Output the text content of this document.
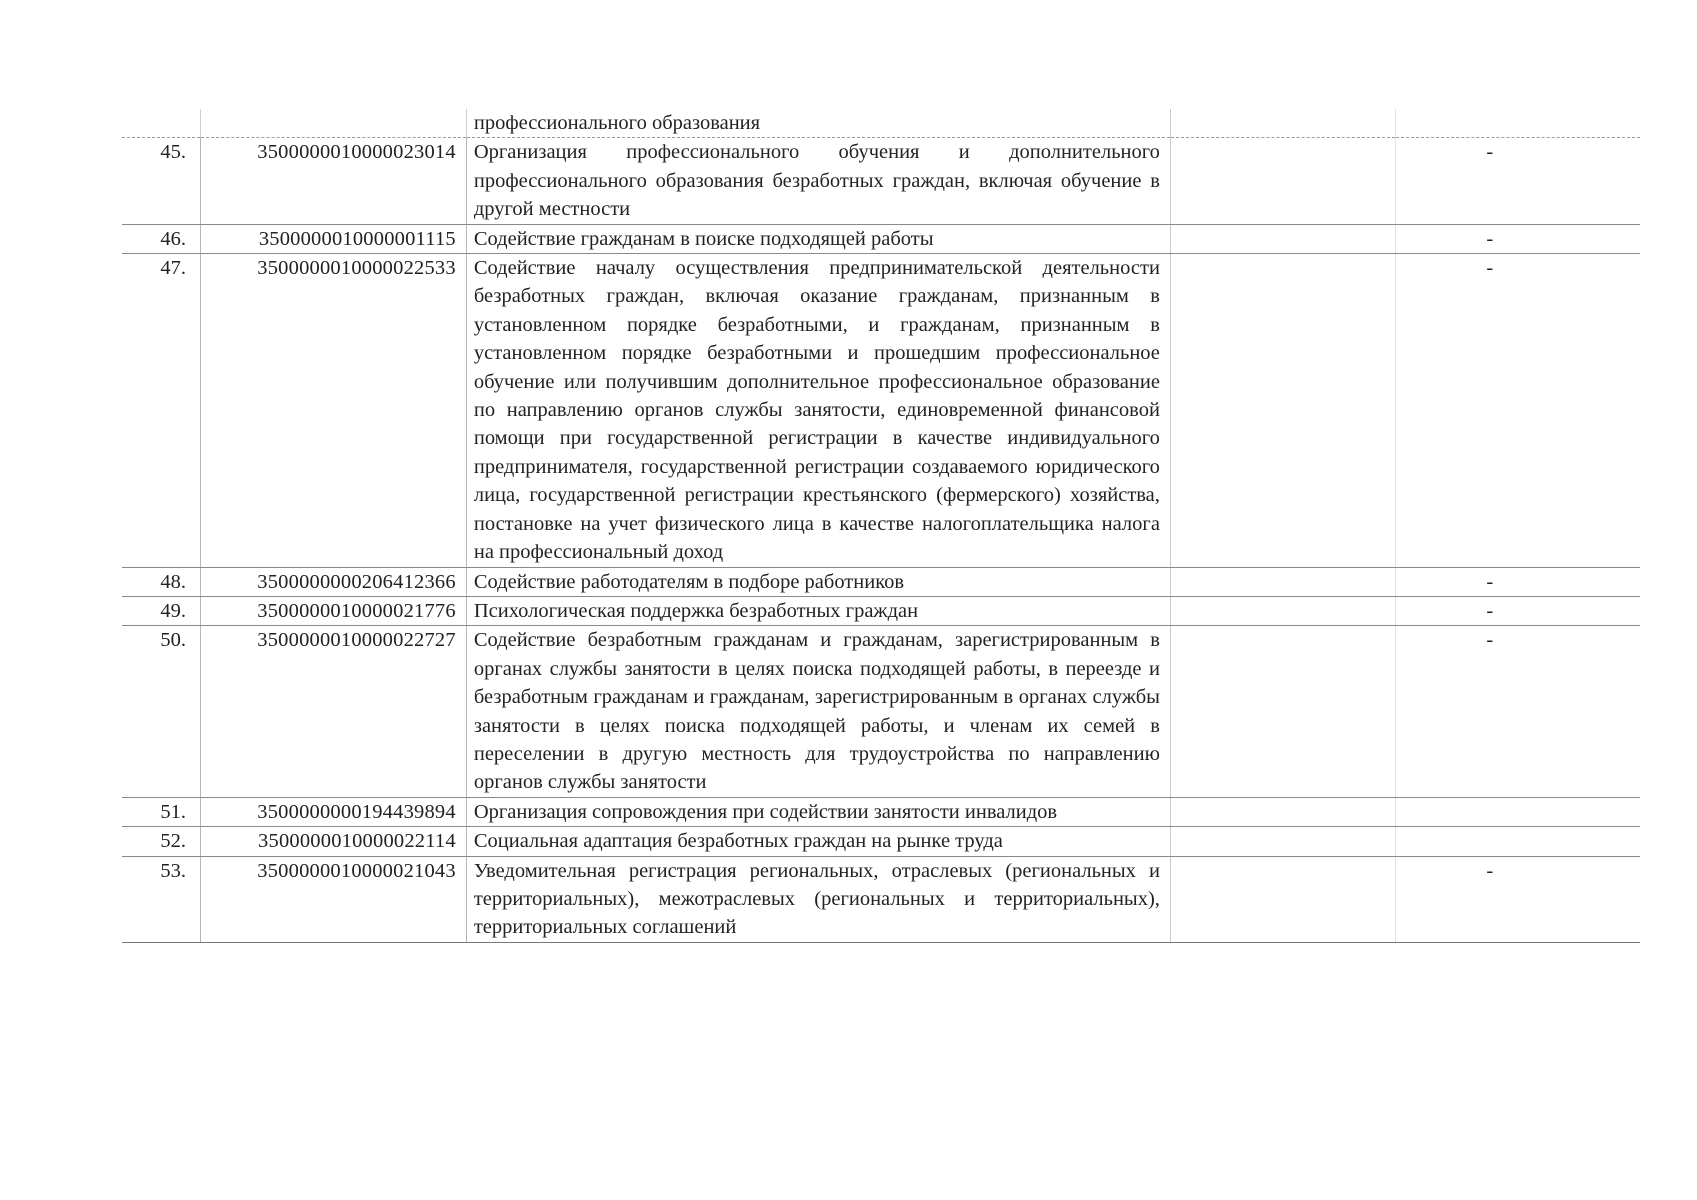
		профессионального образования		
45.	3500000010000023014	Организация профессионального обучения и дополнительного профессионального образования безработных граждан, включая обучение в другой местности		-
46.	3500000010000001115	Содействие гражданам в поиске подходящей работы		-
47.	3500000010000022533	Содействие началу осуществления предпринимательской деятельности безработных граждан, включая оказание гражданам, признанным в установленном порядке безработными, и гражданам, признанным в установленном порядке безработными и прошедшим профессиональное обучение или получившим дополнительное профессиональное образование по направлению органов службы занятости, единовременной финансовой помощи при государственной регистрации в качестве индивидуального предпринимателя, государственной регистрации создаваемого юридического лица, государственной регистрации крестьянского (фермерского) хозяйства, постановке на учет физического лица в качестве налогоплательщика налога на профессиональный доход		-
48.	3500000000206412366	Содействие работодателям в подборе работников		-
49.	3500000010000021776	Психологическая поддержка безработных граждан		-
50.	3500000010000022727	Содействие безработным гражданам и гражданам, зарегистрированным в органах службы занятости в целях поиска подходящей работы, в переезде и безработным гражданам и гражданам, зарегистрированным в органах службы занятости в целях поиска подходящей работы, и членам их семей в переселении в другую местность для трудоустройства по направлению органов службы занятости		-
51.	3500000000194439894	Организация сопровождения при содействии занятости инвалидов		
52.	3500000010000022114	Социальная адаптация безработных граждан на рынке труда		
53.	3500000010000021043	Уведомительная регистрация региональных, отраслевых (региональных и территориальных), межотраслевых (региональных и территориальных), территориальных соглашений		-
